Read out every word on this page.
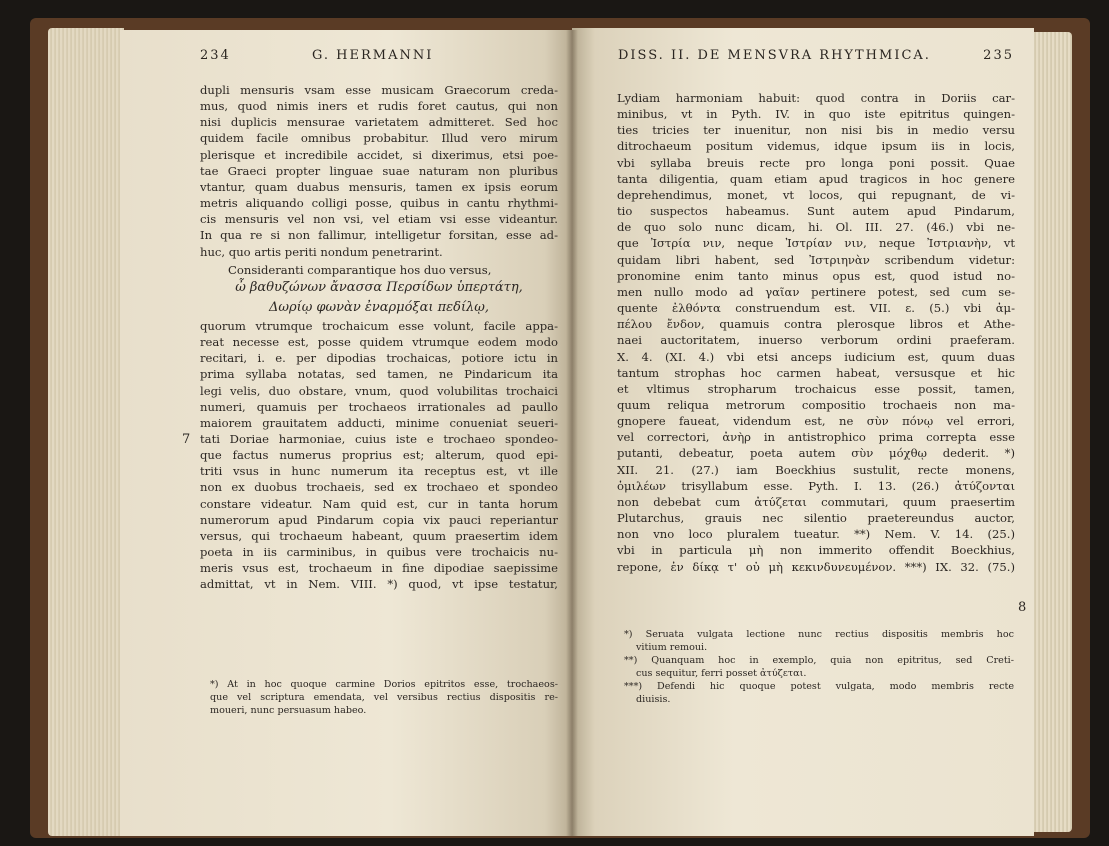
234	G. HERMANNI	DISS. II. DE MENSVRA RHYTHMICA.	235
dupli mensuris vsam esse musicam Graecorum creda-
mus, quod nimis iners et rudis foret cautus, qui non
nisi duplicis mensurae varietatem admitteret. Sed hoc
quidem facile omnibus probabitur. Illud vero mirum
plerisque et incredibile accidet, si dixerimus, etsi poe-
tae Graeci propter linguae suae naturam non pluribus
vtantur, quam duabus mensuris, tamen ex ipsis eorum
metris aliquando colligi posse, quibus in cantu rhythmi-
cis mensuris vel non vsi, vel etiam vsi esse videantur.
In qua re si non fallimur, intelligetur forsitan, esse ad-
huc, quo artis periti nondum penetrarint.
Consideranti comparantique hos duo versus,
ὦ βαθυζώνων ἄνασσα Περσίδων ὑπερτάτη,
Δωρίῳ φωνὰν ἐναρμόξαι πεδίλῳ,
quorum vtrumque trochaicum esse volunt, facile appa-
reat necesse est, posse quidem vtrumque eodem modo
recitari, i. e. per dipodias trochaicas, potiore ictu in
prima syllaba notatas, sed tamen, ne Pindaricum ita
legi velis, duo obstare, vnum, quod volubilitas trochaici
numeri, quamuis per trochaeos irrationales ad paullo
maiorem grauitatem adducti, minime conueniat seueri-
tati Doriae harmoniae, cuius iste e trochaeo spondeo-
que factus numerus proprius est; alterum, quod epi-
triti vsus in hunc numerum ita receptus est, vt ille
non ex duobus trochaeis, sed ex trochaeo et spondeo
constare videatur. Nam quid est, cur in tanta horum
numerorum apud Pindarum copia vix pauci reperiantur
versus, qui trochaeum habeant, quum praesertim idem
poeta in iis carminibus, in quibus vere trochaicis nu-
meris vsus est, trochaeum in fine dipodiae saepissime
admittat, vt in Nem. VIII. *) quod, vt ipse testatur,
7
*) At in hoc quoque carmine Dorios epitritos esse, trochaeos-
que vel scriptura emendata, vel versibus rectius dispositis re-
moueri, nunc persuasum habeo.
Lydiam harmoniam habuit: quod contra in Doriis car-
minibus, vt in Pyth. IV. in quo iste epitritus quingen-
ties tricies ter inuenitur, non nisi bis in medio versu
ditrochaeum positum videmus, idque ipsum iis in locis,
vbi syllaba breuis recte pro longa poni possit. Quae
tanta diligentia, quam etiam apud tragicos in hoc genere
deprehendimus, monet, vt locos, qui repugnant, de vi-
tio suspectos habeamus. Sunt autem apud Pindarum,
de quo solo nunc dicam, hi. Ol. III. 27. (46.) vbi ne-
que Ἰστρία νιν, neque Ἰστρίαν νιν, neque Ἰστριανὴν, vt
quidam libri habent, sed Ἰστριηνὰν scribendum videtur:
pronomine enim tanto minus opus est, quod istud no-
men nullo modo ad γαῖαν pertinere potest, sed cum se-
quente ἐλθόντα construendum est. VII. ε. (5.) vbi ἀμ-
πέλου ἔνδον, quamuis contra plerosque libros et Athe-
naei auctoritatem, inuerso verborum ordini praeferam.
X. 4. (XI. 4.) vbi etsi anceps iudicium est, quum duas
tantum strophas hoc carmen habeat, versusque et hic
et vltimus stropharum trochaicus esse possit, tamen,
quum reliqua metrorum compositio trochaeis non ma-
gnopere faueat, videndum est, ne σὺν πόνῳ vel errori,
vel correctori, ἀνὴρ in antistrophico prima correpta esse
putanti, debeatur, poeta autem σὺν μόχθῳ dederit. *)
XII. 21. (27.) iam Boeckhius sustulit, recte monens,
ὁμιλέων trisyllabum esse. Pyth. I. 13. (26.) ἀτύζονται
non debebat cum ἀτύζεται commutari, quum praesertim
Plutarchus, grauis nec silentio praetereundus auctor,
non vno loco pluralem tueatur. **) Nem. V. 14. (25.)
vbi in particula μὴ non immerito offendit Boeckhius,
repone, ἐν δίκᾳ τ' οὐ μὴ κεκινδυνευμένον. ***) IX. 32. (75.)
8
*) Seruata vulgata lectione nunc rectius dispositis membris hoc
vitium remoui.
**) Quanquam hoc in exemplo, quia non epitritus, sed Creti-
cus sequitur, ferri posset ἀτύζεται.
***) Defendi hic quoque potest vulgata, modo membris recte
diuisis.
